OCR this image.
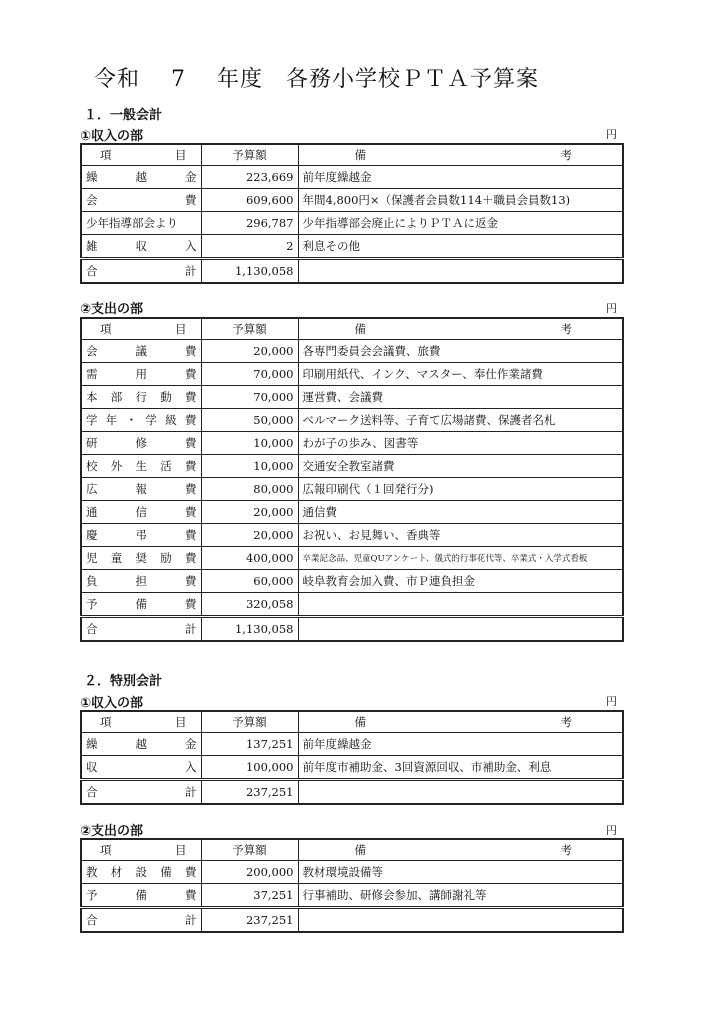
令和　 7　 年度　各務小学校ＰＴＡ予算案
１．一般会計
①収入の部	円
項 目	予算額	備 考

繰越金	223,669	前年度繰越金
会費	609,600	年間4,800円×（保護者会員数114＋職員会員数13)
少年指導部会より	296,787	少年指導部会廃止によりＰＴＡに返金
雑収入	2	利息その他
合計	1,130,058	
②支出の部	円
項 目	予算額	備 考

会議費	20,000	各専門委員会会議費、旅費
需用費	70,000	印刷用紙代、インク、マスター、奉仕作業諸費
本部行動費	70,000	運営費、会議費
学年・学級費	50,000	ベルマーク送料等、子育て広場諸費、保護者名札
研修費	10,000	わが子の歩み、図書等
校外生活費	10,000	交通安全教室諸費
広報費	80,000	広報印刷代（１回発行分)
通信費	20,000	通信費
慶弔費	20,000	お祝い、お見舞い、香典等
児童奨励費	400,000	卒業記念品、児童QUアンケート、儀式的行事花代等、卒業式・入学式看板
負担費	60,000	岐阜教育会加入費、市Ｐ連負担金
予備費	320,058	
合計	1,130,058	
２．特別会計
①収入の部	円
項 目	予算額	備 考

繰越金	137,251	前年度繰越金
収入	100,000	前年度市補助金、3回資源回収、市補助金、利息
合計	237,251	
②支出の部	円
項 目	予算額	備 考

教材設備費	200,000	教材環境設備等
予備費	37,251	行事補助、研修会参加、講師謝礼等
合計	237,251	
